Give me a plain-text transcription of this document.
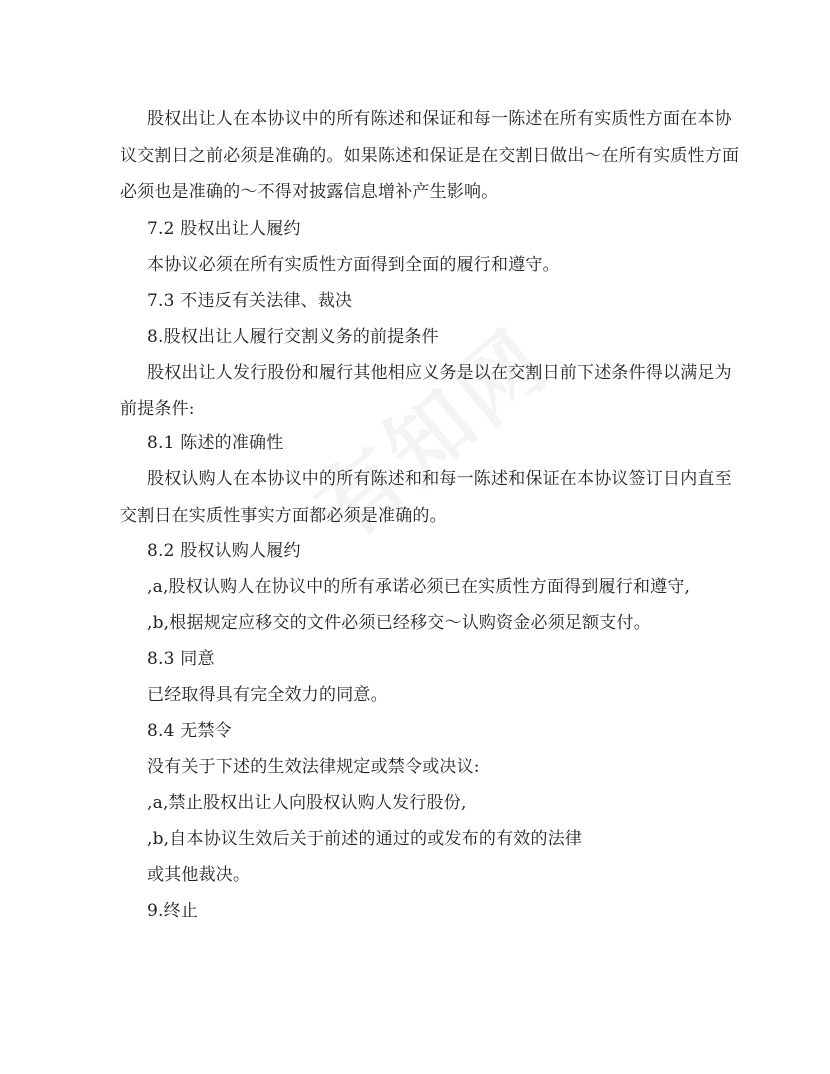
股权出让人在本协议中的所有陈述和保证和每一陈述在所有实质性方面在本协
议交割日之前必须是准确的。如果陈述和保证是在交割日做出～在所有实质性方面
必须也是准确的～不得对披露信息增补产生影响。
7.2 股权出让人履约
本协议必须在所有实质性方面得到全面的履行和遵守。
7.3 不违反有关法律、裁决
8.股权出让人履行交割义务的前提条件
股权出让人发行股份和履行其他相应义务是以在交割日前下述条件得以满足为
前提条件:
8.1 陈述的准确性
股权认购人在本协议中的所有陈述和和每一陈述和保证在本协议签订日内直至
交割日在实质性事实方面都必须是准确的。
8.2 股权认购人履约
,a,股权认购人在协议中的所有承诺必须已在实质性方面得到履行和遵守,
,b,根据规定应移交的文件必须已经移交～认购资金必须足额支付。
8.3 同意
已经取得具有完全效力的同意。
8.4 无禁令
没有关于下述的生效法律规定或禁令或决议:
,a,禁止股权出让人向股权认购人发行股份,
,b,自本协议生效后关于前述的通过的或发布的有效的法律
或其他裁决。
9.终止
